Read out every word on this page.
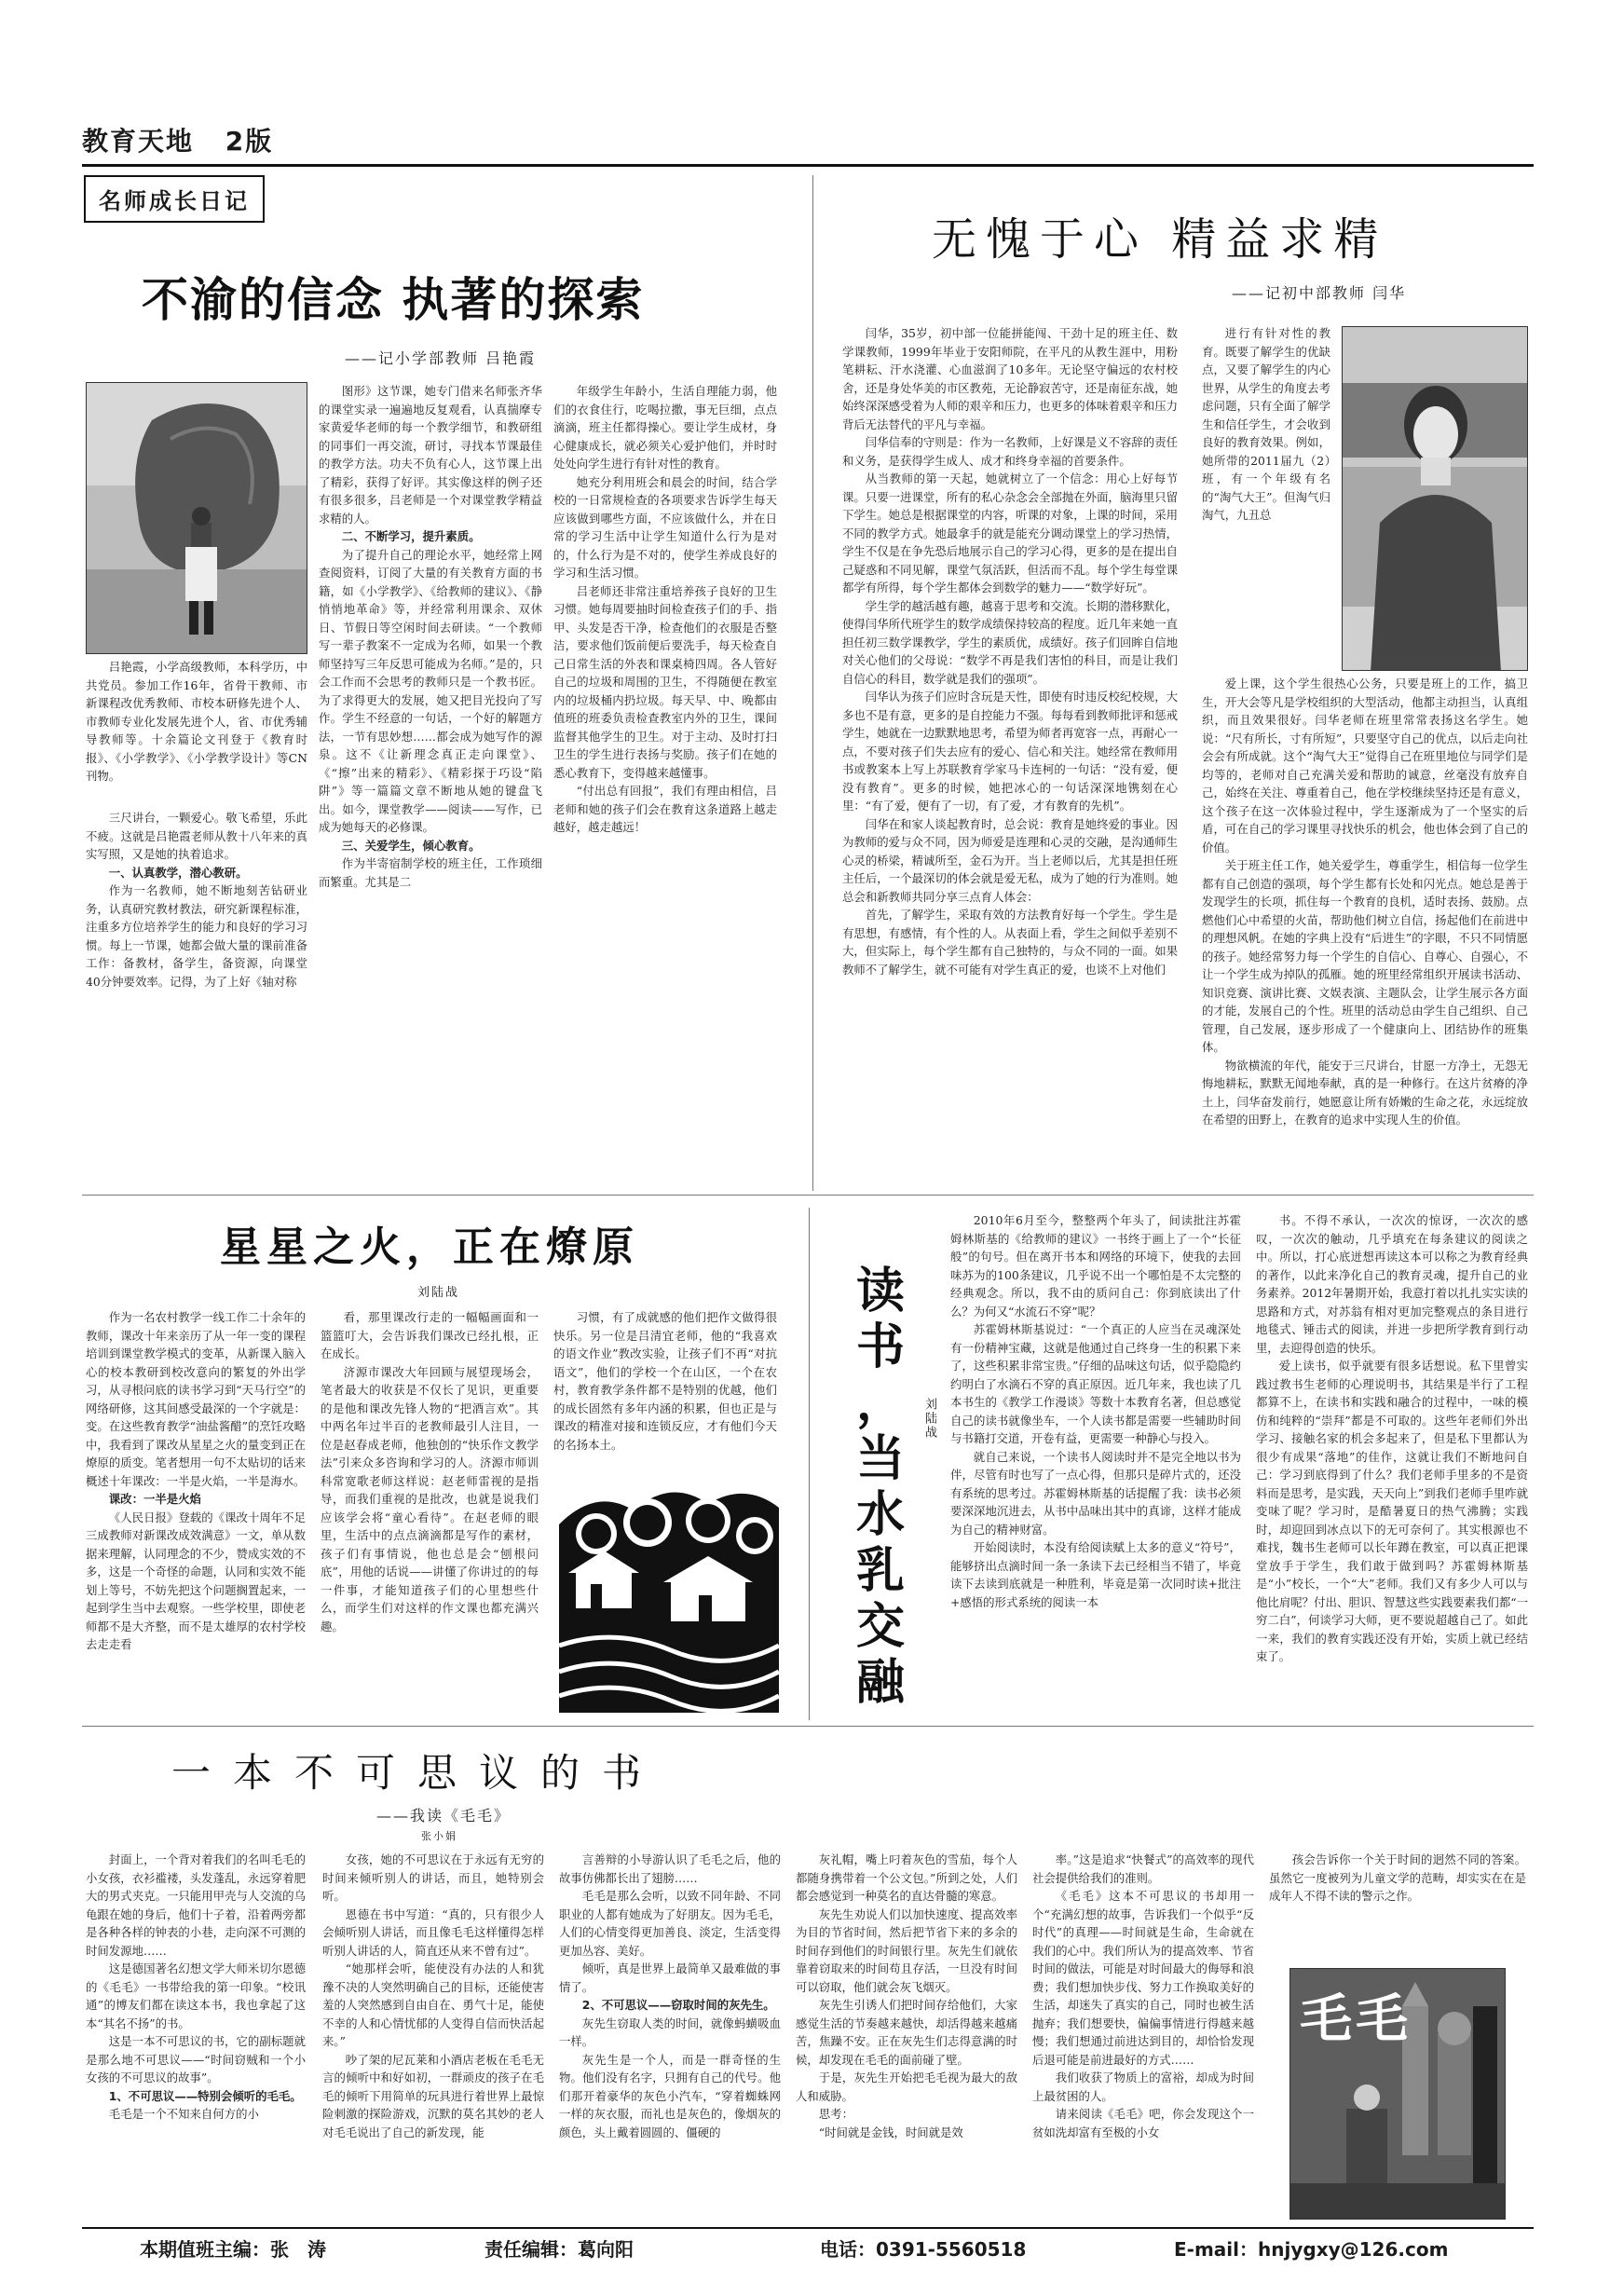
教育天地 2版
名师成长日记
不渝的信念 执著的探索
——记小学部教师 吕艳霞

吕艳霞，小学高级教师，本科学历，中共党员。参加工作16年，省骨干教师、市新课程改优秀教师、市校本研修先进个人、市教师专业化发展先进个人，省、市优秀辅导教师等。十余篇论文刊登于《教育时报》、《小学教学》、《小学教学设计》等CN刊物。

三尺讲台，一颗爱心。敬飞希望，乐此不疲。这就是吕艳霞老师从教十八年来的真实写照，又是她的执着追求。

一、认真教学，潜心教研。

作为一名教师，她不断地刻苦钻研业务，认真研究教材教法，研究新课程标准，注重多方位培养学生的能力和良好的学习习惯。每上一节课，她都会做大量的课前准备工作：备教材，备学生，备资源，向课堂40分钟要效率。记得，为了上好《轴对称

图形》这节课，她专门借来名师张齐华的课堂实录一遍遍地反复观看，认真揣摩专家黄爱华老师的每一个教学细节，和教研组的同事们一再交流，研讨，寻找本节课最佳的教学方法。功夫不负有心人，这节课上出了精彩，获得了好评。其实像这样的例子还有很多很多，吕老师是一个对课堂教学精益求精的人。

二、不断学习，提升素质。

为了提升自己的理论水平，她经常上网查阅资料，订阅了大量的有关教育方面的书籍，如《小学教学》、《给教师的建议》、《静悄悄地革命》等，并经常利用课余、双休日、节假日等空闲时间去研读。“一个教师写一辈子教案不一定成为名师，如果一个教师坚持写三年反思可能成为名师。”是的，只会工作而不会思考的教师只是一个教书匠。为了求得更大的发展，她又把目光投向了写作。学生不经意的一句话，一个好的解题方法，一节有思妙想……都会成为她写作的源泉。这不《让新理念真正走向课堂》、《“擦”出来的精彩》、《精彩探于巧设“陷阱”》等一篇篇文章不断地从她的键盘飞出。如今，课堂教学——阅读——写作，已成为她每天的必修课。

三、关爱学生，倾心教育。

作为半寄宿制学校的班主任，工作琐细而繁重。尤其是二

年级学生年龄小，生活自理能力弱，他们的衣食住行，吃喝拉撒，事无巨细，点点滴滴，班主任都得操心。要让学生成材，身心健康成长，就必须关心爱护他们，并时时处处向学生进行有针对性的教育。

她充分利用班会和晨会的时间，结合学校的一日常规检查的各项要求告诉学生每天应该做到哪些方面，不应该做什么，并在日常的学习生活中让学生知道什么行为是对的，什么行为是不对的，使学生养成良好的学习和生活习惯。

吕老师还非常注重培养孩子良好的卫生习惯。她每周要抽时间检查孩子们的手、指甲、头发是否干净，检查他们的衣服是否整洁，要求他们饭前便后要洗手，每天检查自己日常生活的外表和课桌椅四周。各人管好自己的垃圾和周围的卫生，不得随便在教室内的垃圾桶内扔垃圾。每天早、中、晚都由值班的班委负责检查教室内外的卫生，课间监督其他学生的卫生。对于主动、及时打扫卫生的学生进行表扬与奖励。孩子们在她的悉心教育下，变得越来越懂事。

“付出总有回报”，我们有理由相信，吕老师和她的孩子们会在教育这条道路上越走越好，越走越远！

无愧于心 精益求精
——记初中部教师 闫华

闫华，35岁，初中部一位能拼能闯、干劲十足的班主任、数学课教师，1999年毕业于安阳师院，在平凡的从教生涯中，用粉笔耕耘、汗水浇灌、心血滋润了10多年。无论坚守偏远的农村校舍，还是身处华美的市区教苑，无论静寂苦守，还是南征东战，她始终深深感受着为人师的艰辛和压力，也更多的体味着艰辛和压力背后无法替代的平凡与幸福。

闫华信奉的守则是：作为一名教师，上好课是义不容辞的责任和义务，是获得学生成人、成才和终身幸福的首要条件。

从当教师的第一天起，她就树立了一个信念：用心上好每节课。只要一进课堂，所有的私心杂念会全部抛在外面，脑海里只留下学生。她总是根据课堂的内容，听课的对象，上课的时间，采用不同的教学方式。她最拿手的就是能充分调动课堂上的学习热情，学生不仅是在争先恐后地展示自己的学习心得，更多的是在提出自己疑惑和不同见解，课堂气氛活跃，但活而不乱。每个学生每堂课都学有所得，每个学生都体会到数学的魅力——“数学好玩”。

学生学的越活越有趣，越喜于思考和交流。长期的潜移默化，使得闫华所代班学生的数学成绩保持较高的程度。近几年来她一直担任初三数学课教学，学生的素质优，成绩好。孩子们回眸自信地对关心他们的父母说：“数学不再是我们害怕的科目，而是让我们自信心的科目，数学就是我们的强项”。

闫华认为孩子们应时含玩是天性，即使有时违反校纪校规，大多也不是有意，更多的是自控能力不强。每每看到教师批评和惩戒学生，她就在一边默默地思考，希望为师者再宽容一点，再耐心一点，不要对孩子们失去应有的爱心、信心和关注。她经常在教师用书或教案本上写上苏联教育学家马卡连柯的一句话：“没有爱，便没有教育”。更多的时候，她把冰心的一句话深深地镌刻在心里：“有了爱，便有了一切，有了爱，才有教育的先机”。

闫华在和家人谈起教育时，总会说：教育是她终爱的事业。因为教师的爱与众不同，因为师爱是连理和心灵的交融，是沟通师生心灵的桥梁，精诚所至，金石为开。当上老师以后，尤其是担任班主任后，一个最深切的体会就是爱无私，成为了她的行为准则。她总会和新教师共同分享三点育人体会：

首先，了解学生，采取有效的方法教育好每一个学生。学生是有思想，有感情，有个性的人。从表面上看，学生之间似乎差别不大，但实际上，每个学生都有自己独特的，与众不同的一面。如果教师不了解学生，就不可能有对学生真正的爱，也谈不上对他们

进行有针对性的教育。既要了解学生的优缺点，又要了解学生的内心世界，从学生的角度去考虑问题，只有全面了解学生和信任学生，才会收到良好的教育效果。例如，她所带的2011届九（2）班，有一个年级有名的“淘气大王”。但淘气归淘气，九丑总

爱上课，这个学生很热心公务，只要是班上的工作，搞卫生，开大会等凡是学校组织的大型活动，他都主动担当，认真组织，而且效果很好。闫华老师在班里常常表扬这名学生。她说：“尺有所长，寸有所短”，只要坚守自己的优点，以后走向社会会有所成就。这个“淘气大王”觉得自己在班里地位与同学们是均等的，老师对自己充满关爱和帮助的诚意，丝毫没有放弃自己，始终在关注、尊重着自己，他在学校继续坚持还是有意义，这个孩子在这一次体验过程中，学生逐渐成为了一个坚实的后盾，可在自己的学习课里寻找快乐的机会，他也体会到了自己的价值。

关于班主任工作，她关爱学生，尊重学生，相信每一位学生都有自己创造的强项，每个学生都有长处和闪光点。她总是善于发现学生的长项，抓住每一个教育的良机，适时表扬、鼓励。点燃他们心中希望的火苗，帮助他们树立自信，扬起他们在前进中的理想风帆。在她的字典上没有“后进生”的字眼，不只不同情愿的孩子。她经常努力每一个学生的自信心、自尊心、自强心，不让一个学生成为掉队的孤雁。她的班里经常组织开展读书活动、知识竞赛、演讲比赛、文娱表演、主题队会，让学生展示各方面的才能，发展自己的个性。班里的活动总由学生自己组织、自己管理，自己发展，逐步形成了一个健康向上、团结协作的班集体。

物欲横流的年代，能安于三尺讲台，甘愿一方净土，无怨无悔地耕耘，默默无闻地奉献，真的是一种修行。在这片贫瘠的净土上，闫华奋发前行，她愿意让所有娇嫩的生命之花，永远绽放在希望的田野上，在教育的追求中实现人生的价值。

星星之火，正在燎原
刘陆战

作为一名农村教学一线工作二十余年的教师，课改十年来亲历了从一年一变的课程培训到课堂教学模式的变革，从新课入脑入心的校本教研到校改意向的繁复的外出学习，从寻根问底的读书学习到“天马行空”的网络研修，这其间感受最深的一个字就是：变。在这些教育教学“油盐酱醋”的烹饪攻略中，我看到了课改从星星之火的量变到正在燎原的质变。笔者想用一句不太贴切的话来概述十年课改：一半是火焰，一半是海水。

课改：一半是火焰

《人民日报》登载的《课改十周年不足三成教师对新课改成效满意》一文，单从数据来理解，认同理念的不少，赞成实效的不多，这是一个奇怪的命题，认同和实效不能划上等号，不妨先把这个问题搁置起来，一起到学生当中去观察。一些学校里，即使老师都不是大齐整，而不是太雄厚的农村学校去走走看

看，那里课改行走的一幅幅画面和一篮篮叮大，会告诉我们课改已经扎根，正在成长。

济源市课改大年回顾与展望现场会，笔者最大的收获是不仅长了见识，更重要的是他和课改先锋人物的“把酒言欢”。其中两名年过半百的老教师最引人注目，一位是赵春成老师，他独创的“快乐作文教学法”引来众多咨询和学习的人。济源市师训科常宽歌老师这样说：赵老师雷视的是指导，而我们重视的是批改，也就是说我们应该学会将“童心看待”。在赵老师的眼里，生活中的点点滴滴都是写作的素材，孩子们有事情说，他也总是会“刨根问底”，用他的话说——讲懂了你讲过的的每一件事，才能知道孩子们的心里想些什么，而学生们对这样的作文课也都充满兴趣。

习惯，有了成就感的他们把作文做得很快乐。另一位是吕清宜老师，他的“我喜欢的语文作业”教改实验，让孩子们不再“对抗语文”，他们的学校一个在山区，一个在农村，教育教学条件都不是特别的优越，他们的成长固然有多年内涵的积累，但也正是与课改的精准对接和连锁反应，才有他们今天的名扬本土。

读
书
，
当
水
乳
交
融
刘陆战

2010年6月至今，整整两个年头了，间读批注苏霍姆林斯基的《给教师的建议》一书终于画上了一个“长征般”的句号。但在离开书本和网络的环境下，使我的去回味苏为的100条建议，几乎说不出一个哪怕是不太完整的经典观念。所以，我不由的质问自己：你到底读出了什么？为何又“水流石不穿”呢？

苏霍姆林斯基说过：“一个真正的人应当在灵魂深处有一份精神宝藏，这就是他通过自己终身一生的积累下来了，这些积累非常宝贵。”仔细的品味这句话，似乎隐隐约约明白了水滴石不穿的真正原因。近几年来，我也读了几本书生的《教学工作漫谈》等数十本教育名著，但总感觉自己的读书就像坐车，一个人读书都是需要一些辅助时间与书籍打交道，开卷有益，更需要一种静心与投入。

就自己来说，一个读书人阅读时并不是完全地以书为伴，尽管有时也写了一点心得，但那只是碎片式的，还没有系统的思考过。苏霍姆林斯基的话提醒了我：读书必须要深深地沉进去，从书中品味出其中的真谛，这样才能成为自己的精神财富。

开始阅读时，本没有给阅读赋上太多的意义“符号”，能够挤出点滴时间一条一条读下去已经相当不错了，毕竟读下去读到底就是一种胜利，毕竟是第一次同时读+批注+感悟的形式系统的阅读一本

书。不得不承认，一次次的惊讶，一次次的感叹，一次次的触动，几乎填充在每条建议的阅读之中。所以，打心底迸想再读这本可以称之为教育经典的著作，以此来净化自己的教育灵魂，提升自己的业务素养。2012年暑期开始，我意打着以扎扎实实读的思路和方式，对苏翁有相对更加完整观点的条目进行地毯式、锤击式的阅读，并进一步把所学教育到行动里，去迎得创造的快乐。

爱上读书，似乎就要有很多话想说。私下里曾实践过教书生老师的心理说明书，其结果是半行了工程都算不上，在读书和实践和融合的过程中，一味的模仿和纯粹的“崇拜”都是不可取的。这些年老师们外出学习、接触名家的机会多起来了，但是私下里都认为很少有成果“落地”的佳作，这就让我们不断地问自己：学习到底得到了什么？我们老师手里多的不是资料而是思考，是实践，天天向上”到我们老师手里咋就变味了呢？学习时，是酷暑夏日的热气沸腾；实践时，却迎回到冰点以下的无可奈何了。其实根源也不难找，魏书生老师可以长年蹲在教室，可以真正把课堂放手于学生，我们敢于做到吗？苏霍姆林斯基是“小”校长，一个“大”老师。我们又有多少人可以与他比肩呢？付出、胆识、智慧这些实践要素我们都“一穷二白”，何谈学习大师，更不要说超越自己了。如此一来，我们的教育实践还没有开始，实质上就已经结束了。

一本不可思议的书
——我读《毛毛》
张小娟

封面上，一个背对着我们的名叫毛毛的小女孩，衣衫褴褛，头发蓬乱，永远穿着肥大的男式夹克。一只能用甲壳与人交流的乌龟跟在她的身后，他们十子着，沿着两旁都是各种各样的钟表的小巷，走向深不可测的时间发源地……

这是德国著名幻想文学大师米切尔恩德的《毛毛》一书带给我的第一印象。“校讯通”的博友们都在读这本书，我也拿起了这本“其名不扬”的书。

这是一本不可思议的书，它的副标题就是那么地不可思议——“时间窃贼和一个小女孩的不可思议的故事”。

1、不可思议——特别会倾听的毛毛。

毛毛是一个不知来自何方的小

女孩，她的不可思议在于永远有无穷的时间来倾听别人的讲话，而且，她特别会听。

恩德在书中写道：“真的，只有很少人会倾听别人讲话，而且像毛毛这样懂得怎样听别人讲话的人，简直还从来不曾有过”。

“她那样会听，能使没有办法的人和犹豫不决的人突然明确自己的目标，还能使害羞的人突然感到自由自在、勇气十足，能使不幸的人和心情忧郁的人变得自信而快活起来。”

吵了架的尼瓦莱和小酒店老板在毛毛无言的倾听中和好如初，一群顽皮的孩子在毛毛的倾听下用简单的玩具进行着世界上最惊险刺激的探险游戏，沉默的莫名其妙的老人对毛毛说出了自己的新发现，能

言善辩的小导游认识了毛毛之后，他的故事仿佛都长出了翅膀……

毛毛是那么会听，以致不同年龄、不同职业的人都有她成为了好朋友。因为毛毛，人们的心情变得更加善良、淡定，生活变得更加丛容、美好。

倾听，真是世界上最简单又最难做的事情了。

2、不可思议——窃取时间的灰先生。

灰先生窃取人类的时间，就像蚂蟥吸血一样。

灰先生是一个人，而是一群奇怪的生物。他们没有名字，只拥有自己的代号。他们那开着豪华的灰色小汽车，“穿着蜘蛛网一样的灰衣服，而礼也是灰色的，像烟灰的颜色，头上戴着圆圆的、僵硬的

灰礼帽，嘴上叼着灰色的雪茄，每个人都随身携带着一个公文包。”所到之处，人们都会感觉到一种莫名的直达骨髓的寒意。

灰先生劝说人们以加快速度、提高效率为目的节省时间，然后把节省下来的多余的时间存到他们的时间银行里。灰先生们就依靠着窃取来的时间苟且存活，一旦没有时间可以窃取，他们就会灰飞烟灭。

灰先生引诱人们把时间存给他们，大家感觉生活的节奏越来越快，却活得越来越痛苦，焦躁不安。正在灰先生们志得意满的时候，却发现在毛毛的面前碰了壁。

于是，灰先生开始把毛毛视为最大的敌人和威胁。

思考：

“时间就是金钱，时间就是效

率。”这是追求“快餐式”的高效率的现代社会提供给我们的准则。

《毛毛》这本不可思议的书却用一个“充满幻想的故事，告诉我们一个似乎“反时代”的真理——时间就是生命，生命就在我们的心中。我们所认为的提高效率、节省时间的做法，可能是对时间最大的侮辱和浪费；我们想加快步伐、努力工作换取美好的生活，却迷失了真实的自己，同时也被生活抛弃；我们想要快，偏偏事情进行得越来越慢；我们想通过前进达到目的，却恰恰发现后退可能是前进最好的方式……

我们收获了物质上的富裕，却成为时间上最贫困的人。

请来阅读《毛毛》吧，你会发现这个一贫如洗却富有至极的小女

孩会告诉你一个关于时间的迥然不同的答案。虽然它一度被列为儿童文学的范畴，却实实在在是成年人不得不读的警示之作。

毛毛
本期值班主编：张　涛	责任编辑：葛向阳	电话：0391-5560518	E-mail：hnjygxy@126.com
